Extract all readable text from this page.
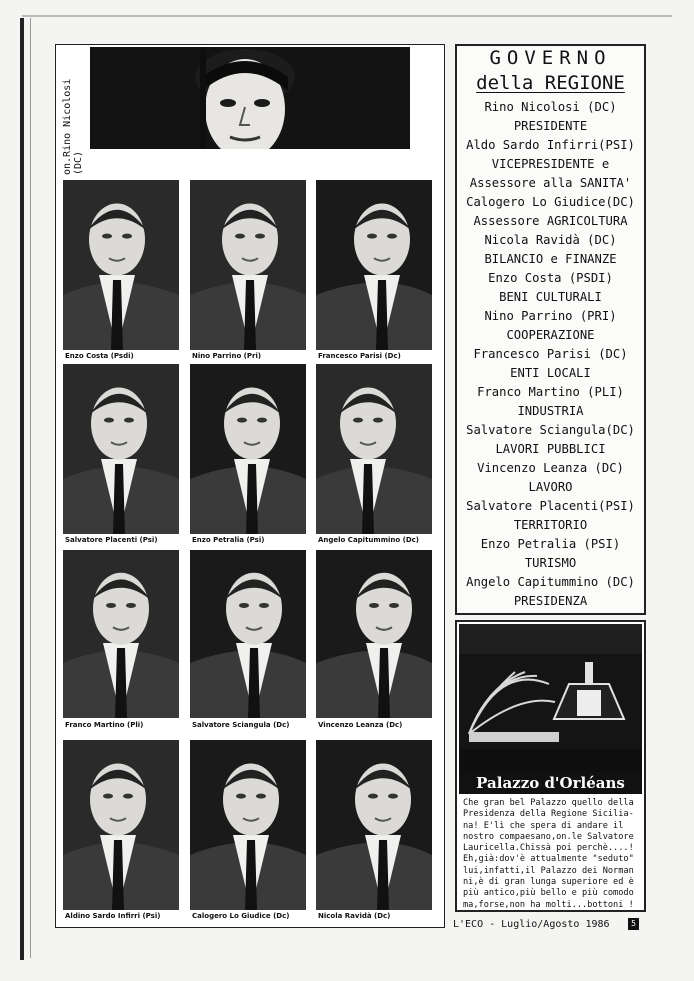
on.Rino Nicolosi (DC)
Enzo Costa (Psdi)	Nino Parrino (Pri)	Francesco Parisi (Dc)
Salvatore Placenti (Psi)	Enzo Petralia (Psi)	Angelo Capitummino (Dc)
Franco Martino (Pli)	Salvatore Sciangula (Dc)	Vincenzo Leanza (Dc)
Aldino Sardo Infirri (Psi)	Calogero Lo Giudice (Dc)	Nicola Ravidà (Dc)
GOVERNO
della REGIONE
Rino Nicolosi (DC)
PRESIDENTE
Aldo Sardo Infirri(PSI)
VICEPRESIDENTE e
Assessore alla SANITA'
Calogero Lo Giudice(DC)
Assessore AGRICOLTURA
Nicola Ravidà (DC)
BILANCIO e FINANZE
Enzo Costa (PSDI)
BENI CULTURALI
Nino Parrino (PRI)
COOPERAZIONE
Francesco Parisi (DC)
ENTI LOCALI
Franco Martino (PLI)
INDUSTRIA
Salvatore Sciangula(DC)
LAVORI PUBBLICI
Vincenzo Leanza (DC)
LAVORO
Salvatore Placenti(PSI)
TERRITORIO
Enzo Petralia (PSI)
TURISMO
Angelo Capitummino (DC)
PRESIDENZA
Palazzo d'Orléans
Che gran bel Palazzo quello della
Presidenza della Regione Sicilia-
na! E'lì che spera di andare il
nostro compaesano,on.le Salvatore
Lauricella.Chissà poi perchè....!
Eh,già:dov'è attualmente "seduto"
lui,infatti,il Palazzo dei Norman
ni,è di gran lunga superiore ed è
più antico,più bello e più comodo
ma,forse,non ha molti...bottoni !
L'ECO - Luglio/Agosto 1986	5
